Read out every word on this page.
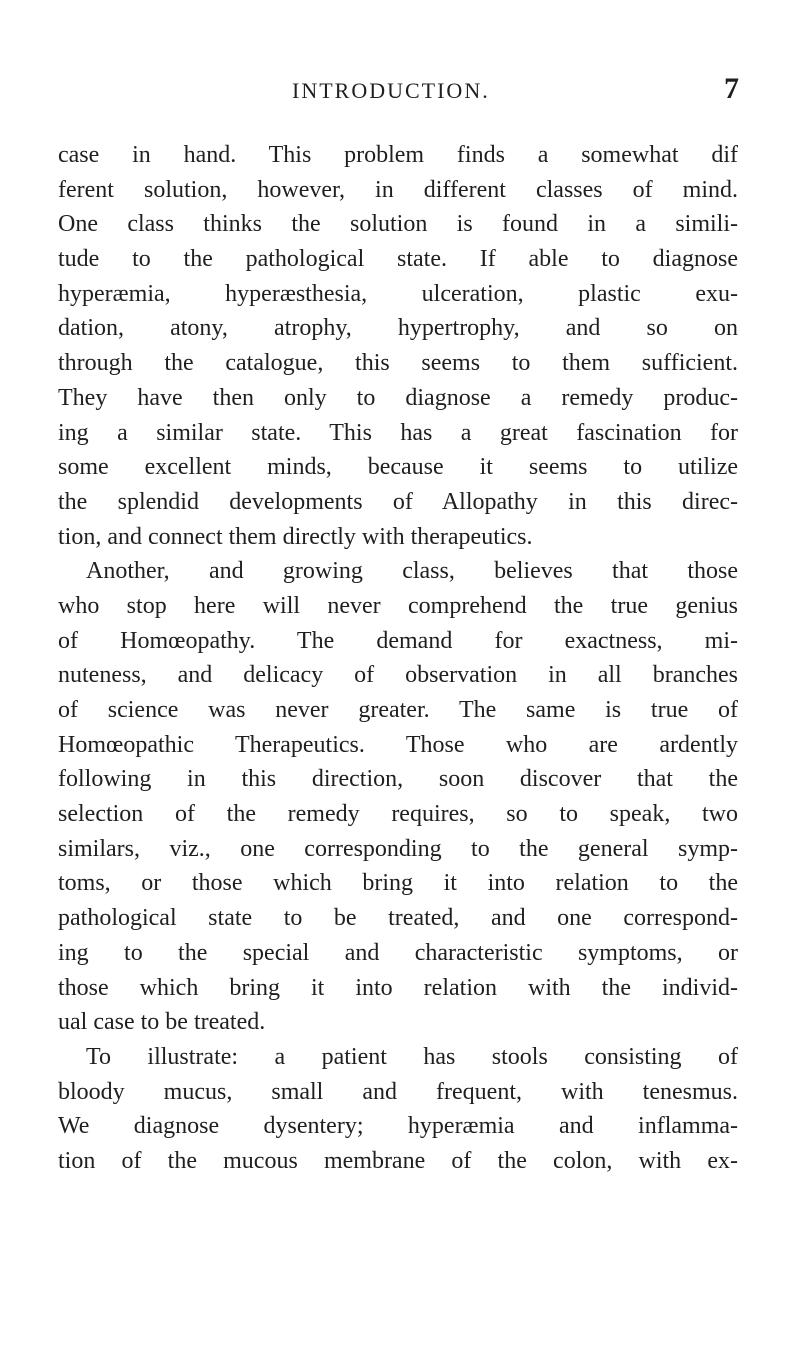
INTRODUCTION.	7
case in hand. This problem finds a somewhat dif
ferent solution, however, in different classes of mind.
One class thinks the solution is found in a simili-
tude to the pathological state. If able to diagnose
hyperæmia, hyperæsthesia, ulceration, plastic exu-
dation, atony, atrophy, hypertrophy, and so on
through the catalogue, this seems to them sufficient.
They have then only to diagnose a remedy produc-
ing a similar state. This has a great fascination for
some excellent minds, because it seems to utilize
the splendid developments of Allopathy in this direc-
tion, and connect them directly with therapeutics.
Another, and growing class, believes that those
who stop here will never comprehend the true genius
of Homœopathy. The demand for exactness, mi-
nuteness, and delicacy of observation in all branches
of science was never greater. The same is true of
Homœopathic Therapeutics. Those who are ardently
following in this direction, soon discover that the
selection of the remedy requires, so to speak, two
similars, viz., one corresponding to the general symp-
toms, or those which bring it into relation to the
pathological state to be treated, and one correspond-
ing to the special and characteristic symptoms, or
those which bring it into relation with the individ-
ual case to be treated.
To illustrate: a patient has stools consisting of
bloody mucus, small and frequent, with tenesmus.
We diagnose dysentery; hyperæmia and inflamma-
tion of the mucous membrane of the colon, with ex-
